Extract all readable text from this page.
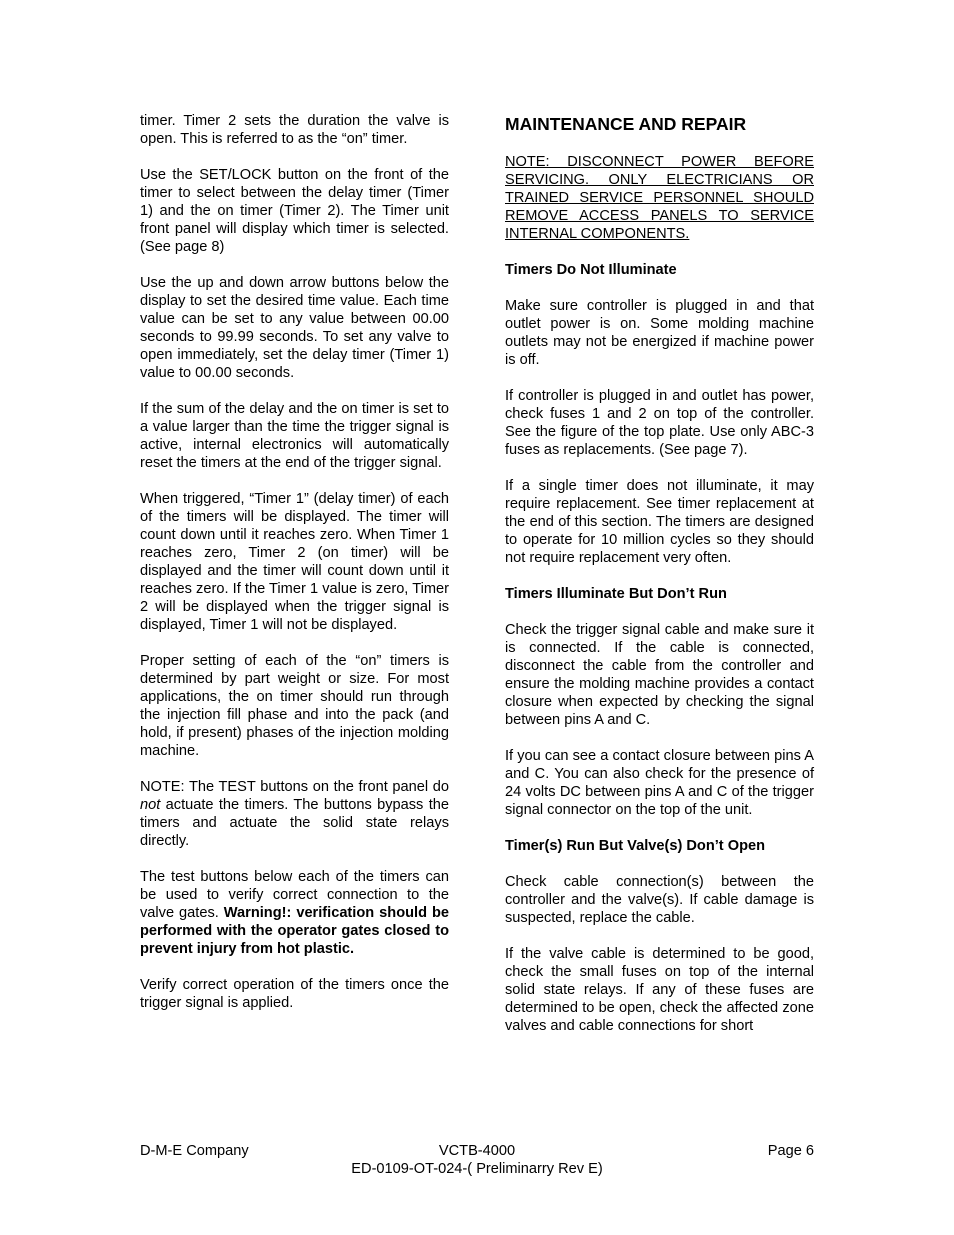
timer. Timer 2 sets the duration the valve is open. This is referred to as the “on” timer.

Use the SET/LOCK button on the front of the timer to select between the delay timer (Timer 1) and the on timer (Timer 2). The Timer unit front panel will display which timer is selected. (See page 8)

Use the up and down arrow buttons below the display to set the desired time value. Each time value can be set to any value between 00.00 seconds to 99.99 seconds. To set any valve to open immediately, set the delay timer (Timer 1) value to 00.00 seconds.

If the sum of the delay and the on timer is set to a value larger than the time the trigger signal is active, internal electronics will automatically reset the timers at the end of the trigger signal.

When triggered, “Timer 1” (delay timer) of each of the timers will be displayed. The timer will count down until it reaches zero. When Timer 1 reaches zero, Timer 2 (on timer) will be displayed and the timer will count down until it reaches zero. If the Timer 1 value is zero, Timer 2 will be displayed when the trigger signal is displayed, Timer 1 will not be displayed.

Proper setting of each of the “on” timers is determined by part weight or size. For most applications, the on timer should run through the injection fill phase and into the pack (and hold, if present) phases of the injection molding machine.

NOTE: The TEST buttons on the front panel do not actuate the timers. The buttons bypass the timers and actuate the solid state relays directly.

The test buttons below each of the timers can be used to verify correct connection to the valve gates. Warning!: verification should be performed with the operator gates closed to prevent injury from hot plastic.

Verify correct operation of the timers once the trigger signal is applied.

MAINTENANCE AND REPAIR

NOTE: DISCONNECT POWER BEFORE SERVICING. ONLY ELECTRICIANS OR TRAINED SERVICE PERSONNEL SHOULD REMOVE ACCESS PANELS TO SERVICE INTERNAL COMPONENTS.

Timers Do Not Illuminate

Make sure controller is plugged in and that outlet power is on. Some molding machine outlets may not be energized if machine power is off.

If controller is plugged in and outlet has power, check fuses 1 and 2 on top of the controller. See the figure of the top plate. Use only ABC-3 fuses as replacements. (See page 7).

If a single timer does not illuminate, it may require replacement. See timer replacement at the end of this section. The timers are designed to operate for 10 million cycles so they should not require replacement very often.

Timers Illuminate But Don’t Run

Check the trigger signal cable and make sure it is connected. If the cable is connected, disconnect the cable from the controller and ensure the molding machine provides a contact closure when expected by checking the signal between pins A and C.

If you can see a contact closure between pins A and C. You can also check for the presence of 24 volts DC between pins A and C of the trigger signal connector on the top of the unit.

Timer(s) Run But Valve(s) Don’t Open

Check cable connection(s) between the controller and the valve(s). If cable damage is suspected, replace the cable.

If the valve cable is determined to be good, check the small fuses on top of the internal solid state relays. If any of these fuses are determined to be open, check the affected zone valves and cable connections for short

D-M-E Company	VCTB-4000	Page 6
ED-0109-OT-024-( Preliminarry Rev E)
